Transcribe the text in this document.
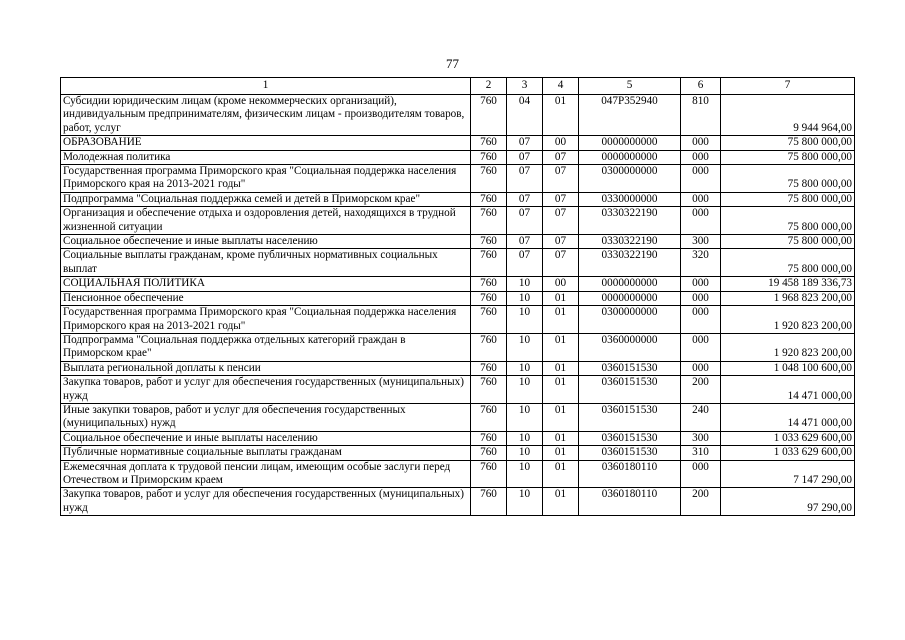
77
1	2	3	4	5	6	7
Субсидии юридическим лицам (кроме некоммерческих организаций), индивидуальным предпринимателям, физическим лицам - производителям товаров, работ, услуг	760	04	01	047P352940	810	9 944 964,00
ОБРАЗОВАНИЕ	760	07	00	0000000000	000	75 800 000,00
Молодежная политика	760	07	07	0000000000	000	75 800 000,00
Государственная программа Приморского края "Социальная поддержка населения Приморского края на 2013-2021 годы"	760	07	07	0300000000	000	75 800 000,00
Подпрограмма "Социальная поддержка семей и детей в Приморском крае"	760	07	07	0330000000	000	75 800 000,00
Организация и обеспечение отдыха и оздоровления детей, находящихся в трудной жизненной ситуации	760	07	07	0330322190	000	75 800 000,00
Социальное обеспечение и иные выплаты населению	760	07	07	0330322190	300	75 800 000,00
Социальные выплаты гражданам, кроме публичных нормативных социальных выплат	760	07	07	0330322190	320	75 800 000,00
СОЦИАЛЬНАЯ ПОЛИТИКА	760	10	00	0000000000	000	19 458 189 336,73
Пенсионное обеспечение	760	10	01	0000000000	000	1 968 823 200,00
Государственная программа Приморского края "Социальная поддержка населения Приморского края на 2013-2021 годы"	760	10	01	0300000000	000	1 920 823 200,00
Подпрограмма "Социальная поддержка отдельных категорий граждан в Приморском крае"	760	10	01	0360000000	000	1 920 823 200,00
Выплата региональной доплаты к пенсии	760	10	01	0360151530	000	1 048 100 600,00
Закупка товаров, работ и услуг для обеспечения государственных (муниципальных) нужд	760	10	01	0360151530	200	14 471 000,00
Иные закупки товаров, работ и услуг для обеспечения государственных (муниципальных) нужд	760	10	01	0360151530	240	14 471 000,00
Социальное обеспечение и иные выплаты населению	760	10	01	0360151530	300	1 033 629 600,00
Публичные нормативные социальные выплаты гражданам	760	10	01	0360151530	310	1 033 629 600,00
Ежемесячная доплата к трудовой пенсии лицам, имеющим особые заслуги перед Отечеством и Приморским краем	760	10	01	0360180110	000	7 147 290,00
Закупка товаров, работ и услуг для обеспечения государственных (муниципальных) нужд	760	10	01	0360180110	200	97 290,00
